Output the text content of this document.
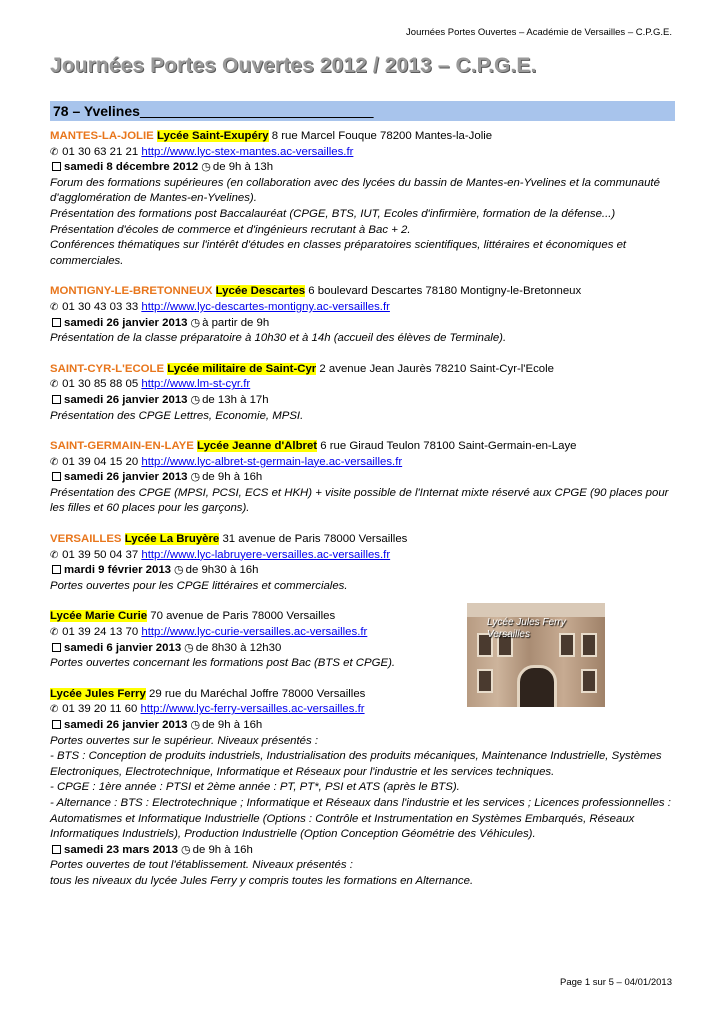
Journées Portes Ouvertes – Académie de Versailles – C.P.G.E.
Journées Portes Ouvertes 2012 / 2013 – C.P.G.E.
78 – Yvelines______________________________
MANTES-LA-JOLIE Lycée Saint-Exupéry 8 rue Marcel Fouque 78200 Mantes-la-Jolie
✆ 01 30 63 21 21 http://www.lyc-stex-mantes.ac-versailles.fr
samedi 8 décembre 2012 ◷ de 9h à 13h
Forum des formations supérieures (en collaboration avec des lycées du bassin de Mantes-en-Yvelines et la communauté d'agglomération de Mantes-en-Yvelines).
Présentation des formations post Baccalauréat (CPGE, BTS, IUT, Ecoles d'infirmière, formation de la défense...)
Présentation d'écoles de commerce et d'ingénieurs recrutant à Bac + 2.
Conférences thématiques sur l'intérêt d'études en classes préparatoires scientifiques, littéraires et économiques et commerciales.
MONTIGNY-LE-BRETONNEUX Lycée Descartes 6 boulevard Descartes 78180 Montigny-le-Bretonneux
✆ 01 30 43 03 33 http://www.lyc-descartes-montigny.ac-versailles.fr
samedi 26 janvier 2013 ◷ à partir de 9h
Présentation de la classe préparatoire à 10h30 et à 14h (accueil des élèves de Terminale).
SAINT-CYR-L'ECOLE Lycée militaire de Saint-Cyr 2 avenue Jean Jaurès 78210 Saint-Cyr-l'Ecole
✆ 01 30 85 88 05 http://www.lm-st-cyr.fr
samedi 26 janvier 2013 ◷ de 13h à 17h
Présentation des CPGE Lettres, Economie, MPSI.
SAINT-GERMAIN-EN-LAYE Lycée Jeanne d'Albret 6 rue Giraud Teulon 78100 Saint-Germain-en-Laye
✆ 01 39 04 15 20 http://www.lyc-albret-st-germain-laye.ac-versailles.fr
samedi 26 janvier 2013 ◷ de 9h à 16h
Présentation des CPGE (MPSI, PCSI, ECS et HKH) + visite possible de l'Internat mixte réservé aux CPGE (90 places pour les filles et 60 places pour les garçons).
VERSAILLES Lycée La Bruyère 31 avenue de Paris 78000 Versailles
✆ 01 39 50 04 37 http://www.lyc-labruyere-versailles.ac-versailles.fr
mardi 9 février 2013 ◷ de 9h30 à 16h
Portes ouvertes pour les CPGE littéraires et commerciales.
Lycée Marie Curie 70 avenue de Paris 78000 Versailles
✆ 01 39 24 13 70 http://www.lyc-curie-versailles.ac-versailles.fr
samedi 6 janvier 2013 ◷ de 8h30 à 12h30
Portes ouvertes concernant les formations post Bac (BTS et CPGE).
Lycée Jules Ferry 29 rue du Maréchal Joffre 78000 Versailles
✆ 01 39 20 11 60 http://www.lyc-ferry-versailles.ac-versailles.fr
samedi 26 janvier 2013 ◷ de 9h à 16h
Portes ouvertes sur le supérieur. Niveaux présentés :
- BTS : Conception de produits industriels, Industrialisation des produits mécaniques, Maintenance Industrielle, Systèmes Electroniques, Electrotechnique, Informatique et Réseaux pour l'industrie et les services techniques.
- CPGE : 1ère année : PTSI et 2ème année : PT, PT*, PSI et ATS (après le BTS).
- Alternance : BTS : Electrotechnique ; Informatique et Réseaux dans l'industrie et les services ; Licences professionnelles : Automatismes et Informatique Industrielle (Options : Contrôle et Instrumentation en Systèmes Embarqués, Réseaux Informatiques Industriels), Production Industrielle (Option Conception Géométrie des Véhicules).
samedi 23 mars 2013 ◷ de 9h à 16h
Portes ouvertes de tout l'établissement. Niveaux présentés :
tous les niveaux du lycée Jules Ferry y compris toutes les formations en Alternance.
Lycée Jules Ferry
Versailles
Page 1 sur 5 – 04/01/2013
